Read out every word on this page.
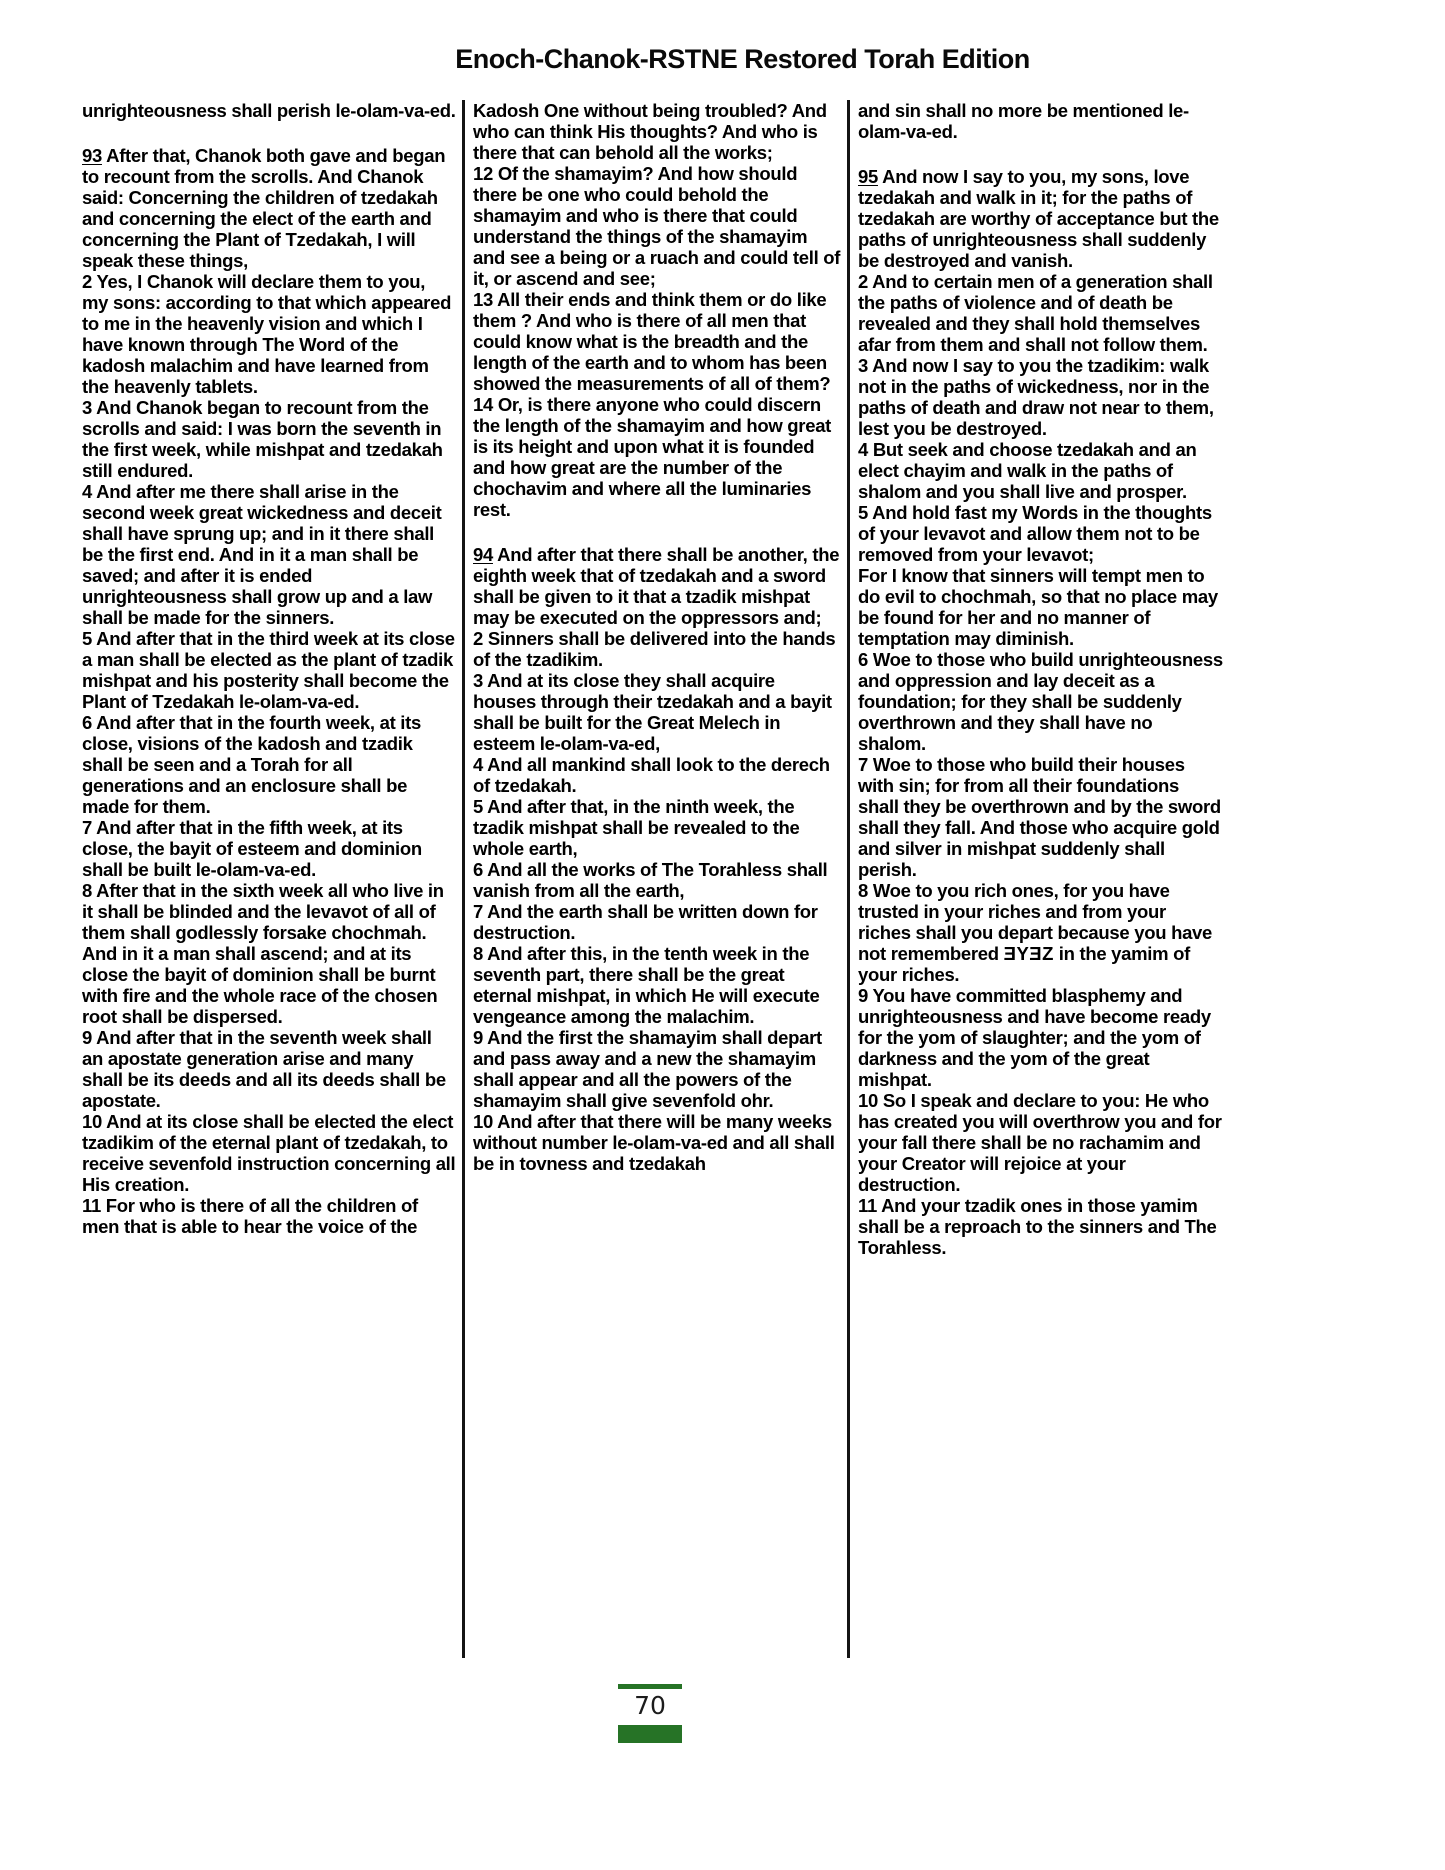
Enoch-Chanok-RSTNE Restored Torah Edition

unrighteousness shall perish le-olam-va-ed.

93 After that, Chanok both gave and began to recount from the scrolls. And Chanok said: Concerning the children of tzedakah and concerning the elect of the earth and concerning the Plant of Tzedakah, I will speak these things,

2 Yes, I Chanok will declare them to you, my sons: according to that which appeared to me in the heavenly vision and which I have known through The Word of the kadosh malachim and have learned from the heavenly tablets.

3 And Chanok began to recount from the scrolls and said: I was born the seventh in the first week, while mishpat and tzedakah still endured.

4 And after me there shall arise in the second week great wickedness and deceit shall have sprung up; and in it there shall be the first end. And in it a man shall be saved; and after it is ended unrighteousness shall grow up and a law shall be made for the sinners.

5 And after that in the third week at its close a man shall be elected as the plant of tzadik mishpat and his posterity shall become the Plant of Tzedakah le-olam-va-ed.

6 And after that in the fourth week, at its close, visions of the kadosh and tzadik shall be seen and a Torah for all generations and an enclosure shall be made for them.

7 And after that in the fifth week, at its close, the bayit of esteem and dominion shall be built le-olam-va-ed.

8 After that in the sixth week all who live in it shall be blinded and the levavot of all of them shall godlessly forsake chochmah. And in it a man shall ascend; and at its close the bayit of dominion shall be burnt with fire and the whole race of the chosen root shall be dispersed.

9 And after that in the seventh week shall an apostate generation arise and many shall be its deeds and all its deeds shall be apostate.

10 And at its close shall be elected the elect tzadikim of the eternal plant of tzedakah, to receive sevenfold instruction concerning all His creation.

11 For who is there of all the children of men that is able to hear the voice of the

Kadosh One without being troubled? And who can think His thoughts? And who is there that can behold all the works;

12 Of the shamayim? And how should there be one who could behold the shamayim and who is there that could understand the things of the shamayim and see a being or a ruach and could tell of it, or ascend and see;

13 All their ends and think them or do like them ? And who is there of all men that could know what is the breadth and the length of the earth and to whom has been showed the measurements of all of them?

14 Or, is there anyone who could discern the length of the shamayim and how great is its height and upon what it is founded and how great are the number of the chochavim and where all the luminaries rest.

94 And after that there shall be another, the eighth week that of tzedakah and a sword shall be given to it that a tzadik mishpat may be executed on the oppressors and;

2 Sinners shall be delivered into the hands of the tzadikim.

3 And at its close they shall acquire houses through their tzedakah and a bayit shall be built for the Great Melech in esteem le-olam-va-ed,

4 And all mankind shall look to the derech of tzedakah.

5 And after that, in the ninth week, the tzadik mishpat shall be revealed to the whole earth,

6 And all the works of The Torahless shall vanish from all the earth,

7 And the earth shall be written down for destruction.

8 And after this, in the tenth week in the seventh part, there shall be the great eternal mishpat, in which He will execute vengeance among the malachim.

9 And the first the shamayim shall depart and pass away and a new the shamayim shall appear and all the powers of the shamayim shall give sevenfold ohr.

10 And after that there will be many weeks without number le-olam-va-ed and all shall be in tovness and tzedakah

and sin shall no more be mentioned le-olam-va-ed.

95 And now I say to you, my sons, love tzedakah and walk in it; for the paths of tzedakah are worthy of acceptance but the paths of unrighteousness shall suddenly be destroyed and vanish.

2 And to certain men of a generation shall the paths of violence and of death be revealed and they shall hold themselves afar from them and shall not follow them.

3 And now I say to you the tzadikim: walk not in the paths of wickedness, nor in the paths of death and draw not near to them, lest you be destroyed.

4 But seek and choose tzedakah and an elect chayim and walk in the paths of shalom and you shall live and prosper.

5 And hold fast my Words in the thoughts of your levavot and allow them not to be removed from your levavot;

For I know that sinners will tempt men to do evil to chochmah, so that no place may be found for her and no manner of temptation may diminish.

6 Woe to those who build unrighteousness and oppression and lay deceit as a foundation; for they shall be suddenly overthrown and they shall have no shalom.

7 Woe to those who build their houses with sin; for from all their foundations shall they be overthrown and by the sword shall they fall. And those who acquire gold and silver in mishpat suddenly shall perish.

8 Woe to you rich ones, for you have trusted in your riches and from your riches shall you depart because you have not remembered ƎYƎZ in the yamim of your riches.

9 You have committed blasphemy and unrighteousness and have become ready for the yom of slaughter; and the yom of darkness and the yom of the great mishpat.

10 So I speak and declare to you: He who has created you will overthrow you and for your fall there shall be no rachamim and your Creator will rejoice at your destruction.

11 And your tzadik ones in those yamim shall be a reproach to the sinners and The Torahless.

70
